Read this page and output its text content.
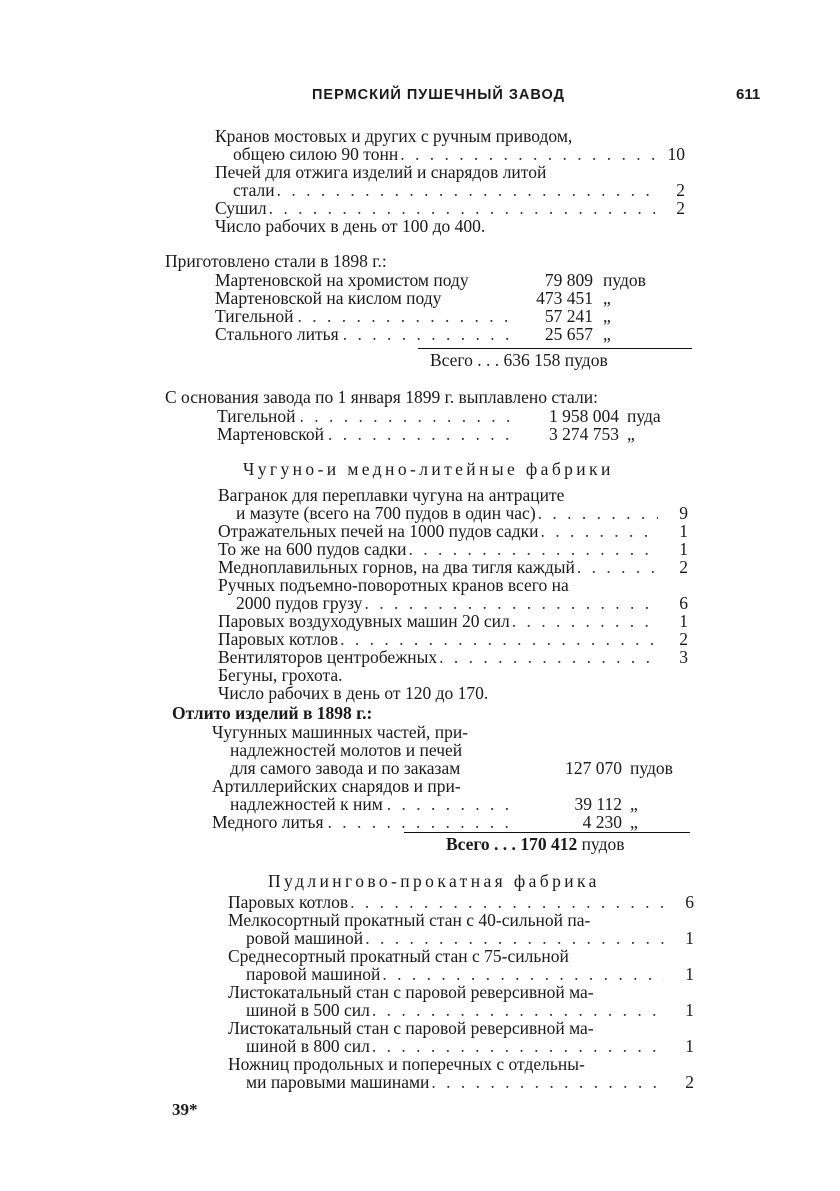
ПЕРМСКИЙ ПУШЕЧНЫЙ ЗАВОД	611
Кранов мостовых и других с ручным приводом,
общею силою 90 тонн . . .	10
Печей для отжига изделий и снарядов литой
стали . . .	2
Сушил . . .	2
Число рабочих в день от 100 до 400.
Приготовлено стали в 1898 г.:
Мартеновской на хромистом поду	79 809 пудов
Мартеновской на кислом поду	473 451 „
Тигельной . . .	57 241 „
Стального литья . . .	25 657 „
Всего . . . 636 158 пудов
С основания завода по 1 января 1899 г. выплавлено стали:
Тигельной . . .	1 958 004 пуда
Мартеновской . . .	3 274 753 „
Чугуно-и медно-литейные фабрики
Вагранок для переплавки чугуна на антраците
и мазуте (всего на 700 пудов в один час) . . .	9
Отражательных печей на 1000 пудов садки . . .	1
То же на 600 пудов садки . . .	1
Медноплавильных горнов, на два тигля каждый . . .	2
Ручных подъемно-поворотных кранов всего на
2000 пудов грузу . . .	6
Паровых воздуходувных машин 20 сил . . .	1
Паровых котлов . . .	2
Вентиляторов центробежных . . .	3
Бегуны, грохота.
Число рабочих в день от 120 до 170.
Отлито изделий в 1898 г.:
Чугунных машинных частей, при-
надлежностей молотов и печей
для самого завода и по заказам	127 070 пудов
Артиллерийских снарядов и при-
надлежностей к ним . . .	39 112 „
Медного литья . . .	4 230 „
Всего . . . 170 412 пудов
Пудлингово-прокатная фабрика
Паровых котлов . . .	6
Мелкосортный прокатный стан с 40-сильной па-
ровой машиной . . .	1
Среднесортный прокатный стан с 75-сильной
паровой машиной . . .	1
Листокатальный стан с паровой реверсивной ма-
шиной в 500 сил . . .	1
Листокатальный стан с паровой реверсивной ма-
шиной в 800 сил . . .	1
Ножниц продольных и поперечных с отдельны-
ми паровыми машинами . . .	2
39*
